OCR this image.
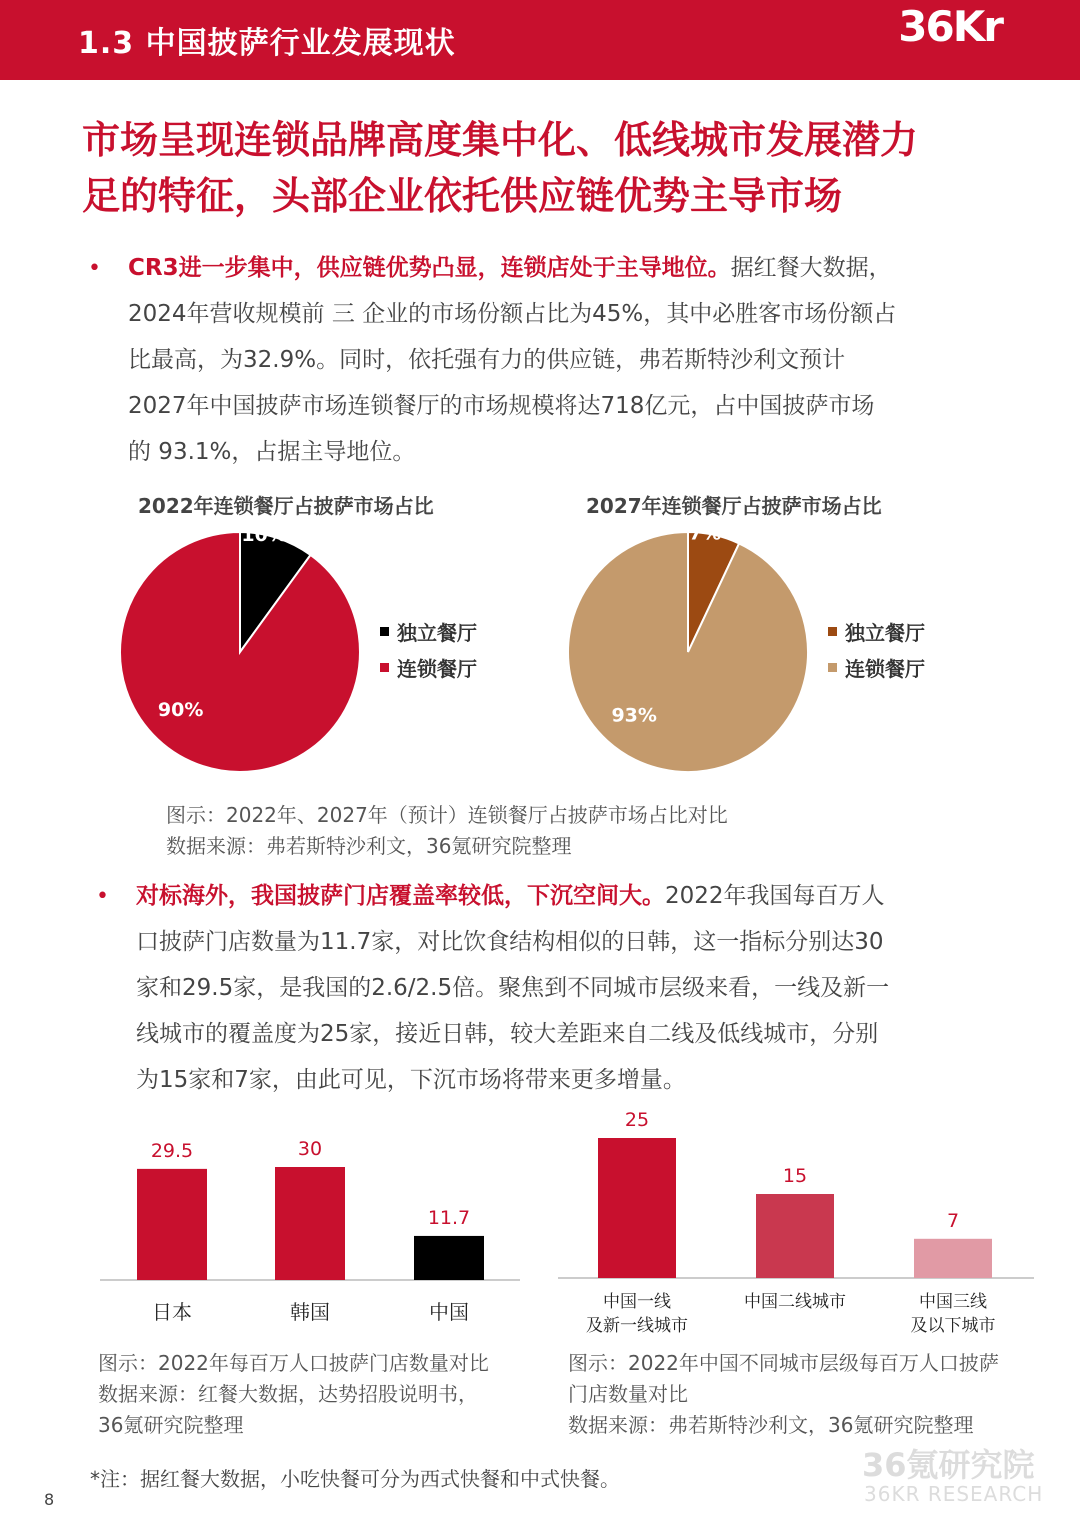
1.3 中国披萨行业发展现状	36Kr
市场呈现连锁品牌高度集中化、低线城市发展潜力
足的特征，头部企业依托供应链优势主导市场
• CR3进一步集中，供应链优势凸显，连锁店处于主导地位。据红餐大数据，
2024年营收规模前 三 企业的市场份额占比为45%，其中必胜客市场份额占
比最高，为32.9%。同时，依托强有力的供应链，弗若斯特沙利文预计
2027年中国披萨市场连锁餐厅的市场规模将达718亿元，占中国披萨市场
的 93.1%，占据主导地位。
2022年连锁餐厅占披萨市场占比	2027年连锁餐厅占披萨市场占比
10%
90%
7%
93%
独立餐厅
连锁餐厅
独立餐厅
连锁餐厅
图示：2022年、2027年（预计）连锁餐厅占披萨市场占比对比
数据来源：弗若斯特沙利文，36氪研究院整理
• 对标海外，我国披萨门店覆盖率较低，下沉空间大。2022年我国每百万人
口披萨门店数量为11.7家，对比饮食结构相似的日韩，这一指标分别达30
家和29.5家，是我国的2.6/2.5倍。聚焦到不同城市层级来看，一线及新一
线城市的覆盖度为25家，接近日韩，较大差距来自二线及低线城市，分别
为15家和7家，由此可见，下沉市场将带来更多增量。
29.5	30
11.7
25
15
7
日本	韩国	中国	中国一线
及新一线城市
中国二线城市	中国三线
及以下城市
图示：2022年每百万人口披萨门店数量对比
数据来源：红餐大数据，达势招股说明书，
36氪研究院整理
图示：2022年中国不同城市层级每百万人口披萨
门店数量对比
数据来源：弗若斯特沙利文，36氪研究院整理
36氪研究院
36KR RESEARCH
*注：据红餐大数据，小吃快餐可分为西式快餐和中式快餐。
8
